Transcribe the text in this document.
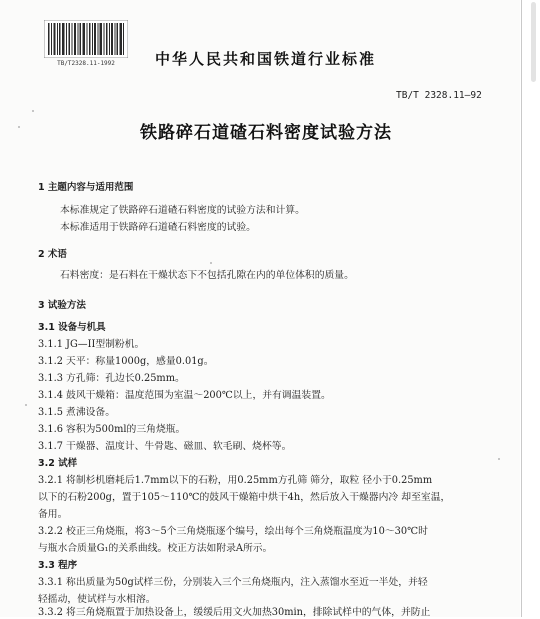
TB/T2328.11-1992	中华人民共和国铁道行业标准
TB/T 2328.11—92
铁路碎石道碴石料密度试验方法
1 主题内容与适用范围
本标准规定了铁路碎石道碴石料密度的试验方法和计算。
本标准适用于铁路碎石道碴石料密度的试验。
2 术语
石料密度：是石料在干燥状态下不包括孔隙在内的单位体积的质量。
3 试验方法
3.1 设备与机具
3.1.1 JG—II型制粉机。
3.1.2 天平：称量1000g，感量0.01g。
3.1.3 方孔筛：孔边长0.25mm。
3.1.4 鼓风干燥箱：温度范围为室温～200℃以上，并有调温装置。
3.1.5 煮沸设备。
3.1.6 容积为500ml的三角烧瓶。
3.1.7 干燥器、温度计、牛骨匙、磁皿、软毛刷、烧杯等。
3.2 试样
3.2.1 将制杉机磨耗后1.7mm以下的石粉，用0.25mm方孔筛 筛分，取粒 径小于0.25mm
以下的石粉200g，置于105～110℃的鼓风干燥箱中烘干4h，然后放入干燥器内冷 却至室温，
备用。
3.2.2 校正三角烧瓶，将3～5个三角烧瓶逐个编号，绘出每个三角烧瓶温度为10～30℃时
与瓶水合质量G₁的关系曲线。校正方法如附录A所示。
3.3 程序
3.3.1 称出质量为50g试样三份，分别装入三个三角烧瓶内，注入蒸馏水至近一半处，并轻
轻摇动，使试样与水相溶。
3.3.2 将三角烧瓶置于加热设备上，缓缓后用文火加热30min，排除试样中的气体，并防止
